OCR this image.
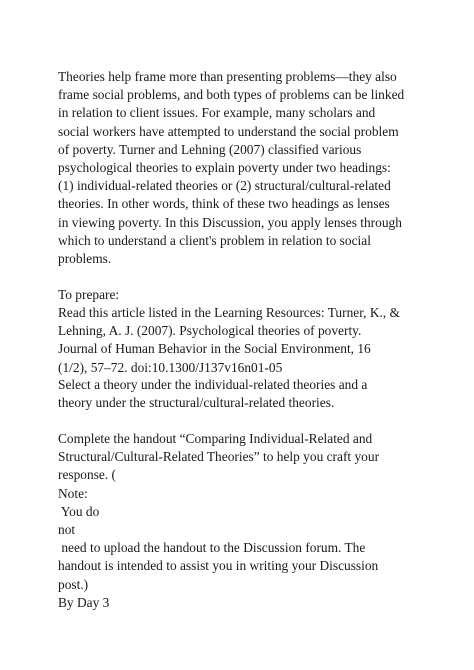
Theories help frame more than presenting problems—they also
frame social problems, and both types of problems can be linked
in relation to client issues. For example, many scholars and
social workers have attempted to understand the social problem
of poverty. Turner and Lehning (2007) classified various
psychological theories to explain poverty under two headings:
(1) individual-related theories or (2) structural/cultural-related
theories. In other words, think of these two headings as lenses
in viewing poverty. In this Discussion, you apply lenses through
which to understand a client's problem in relation to social
problems.
To prepare:
Read this article listed in the Learning Resources: Turner, K., &
Lehning, A. J. (2007). Psychological theories of poverty.
Journal of Human Behavior in the Social Environment, 16
(1/2), 57–72. doi:10.1300/J137v16n01-05
Select a theory under the individual-related theories and a
theory under the structural/cultural-related theories.
Complete the handout “Comparing Individual-Related and
Structural/Cultural-Related Theories” to help you craft your
response. (
Note:
You do
not
need to upload the handout to the Discussion forum. The
handout is intended to assist you in writing your Discussion
post.)
By Day 3
